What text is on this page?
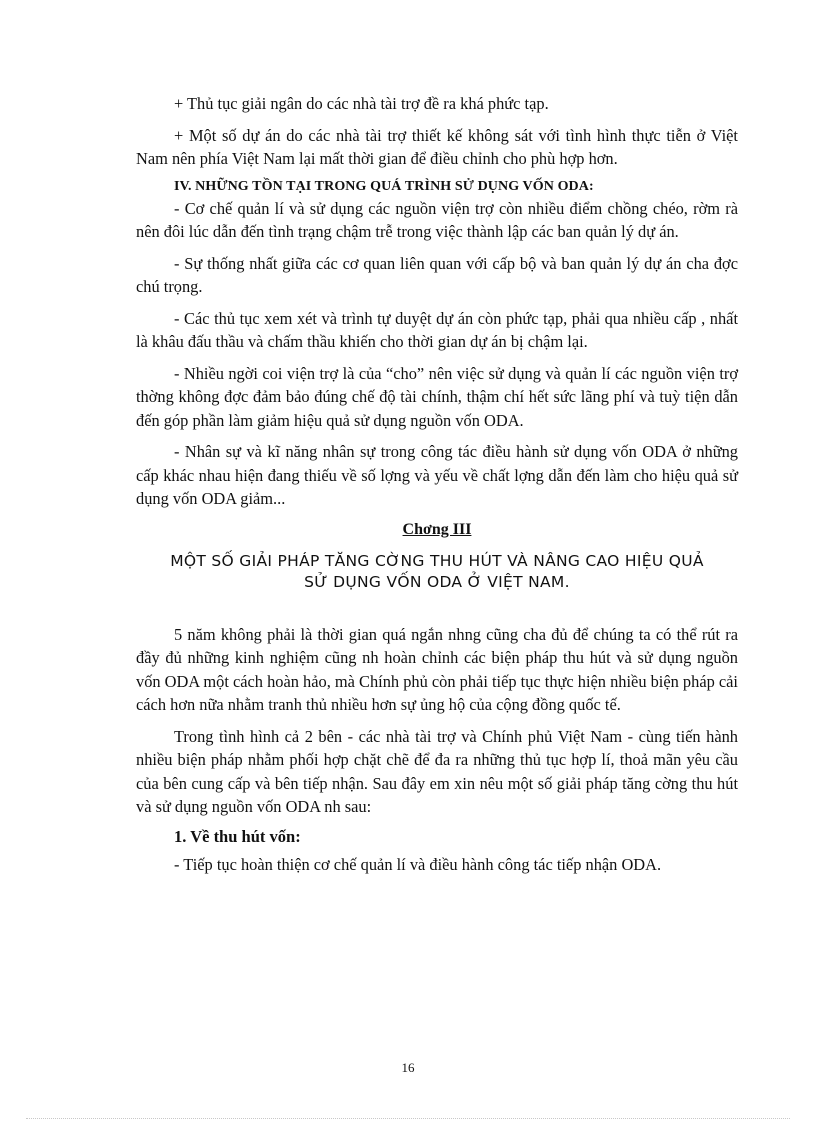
+ Thủ tục giải ngân do các nhà tài trợ đề ra khá phức tạp.

+ Một số dự án do các nhà tài trợ thiết kế không sát với tình hình thực tiễn ở Việt Nam nên phía Việt Nam lại mất thời gian để điều chỉnh cho phù hợp hơn.

IV. NHỮNG TỒN TẠI TRONG QUÁ TRÌNH SỬ DỤNG VỐN ODA:

- Cơ chế quản lí và sử dụng các nguồn viện trợ còn nhiều điểm chồng chéo, rờm rà nên đôi lúc dẫn đến tình trạng chậm trễ trong việc thành lập các ban quản lý dự án.

- Sự thống nhất giữa các cơ quan liên quan với cấp bộ và ban quản lý dự án cha đợc chú trọng.

- Các thủ tục xem xét và trình tự duyệt dự án còn phức tạp, phải qua nhiều cấp , nhất là khâu đấu thầu và chấm thầu khiến cho thời gian dự án bị chậm lại.

- Nhiều ngời coi viện trợ là của “cho” nên việc sử dụng và quản lí các nguồn viện trợ thờng không đợc đảm bảo đúng chế độ tài chính, thậm chí hết sức lãng phí và tuỳ tiện dẫn đến góp phần làm giảm hiệu quả sử dụng nguồn vốn ODA.

- Nhân sự và kĩ năng nhân sự trong công tác điều hành sử dụng vốn ODA ở những cấp khác nhau hiện đang thiếu về số lợng và yếu về chất lợng dẫn đến làm cho hiệu quả sử dụng vốn ODA giảm...

Chơng III
MỘT SỐ GIẢI PHÁP TĂNG CỜNG THU HÚT VÀ NÂNG CAO HIỆU QUẢ
SỬ DỤNG VỐN ODA Ở VIỆT NAM.

5 năm không phải là thời gian quá ngắn nhng cũng cha đủ để chúng ta có thể rút ra đầy đủ những kinh nghiệm cũng nh hoàn chỉnh các biện pháp thu hút và sử dụng nguồn vốn ODA một cách hoàn hảo, mà Chính phủ còn phải tiếp tục thực hiện nhiều biện pháp cải cách hơn nữa nhằm tranh thủ nhiều hơn sự ủng hộ của cộng đồng quốc tế.

Trong tình hình cả 2 bên - các nhà tài trợ và Chính phủ Việt Nam - cùng tiến hành nhiều biện pháp nhằm phối hợp chặt chẽ để đa ra những thủ tục hợp lí, thoả mãn yêu cầu của bên cung cấp và bên tiếp nhận. Sau đây em xin nêu một số giải pháp tăng cờng thu hút và sử dụng nguồn vốn ODA nh sau:

1. Về thu hút vốn:

- Tiếp tục hoàn thiện cơ chế quản lí và điều hành công tác tiếp nhận ODA.

16
